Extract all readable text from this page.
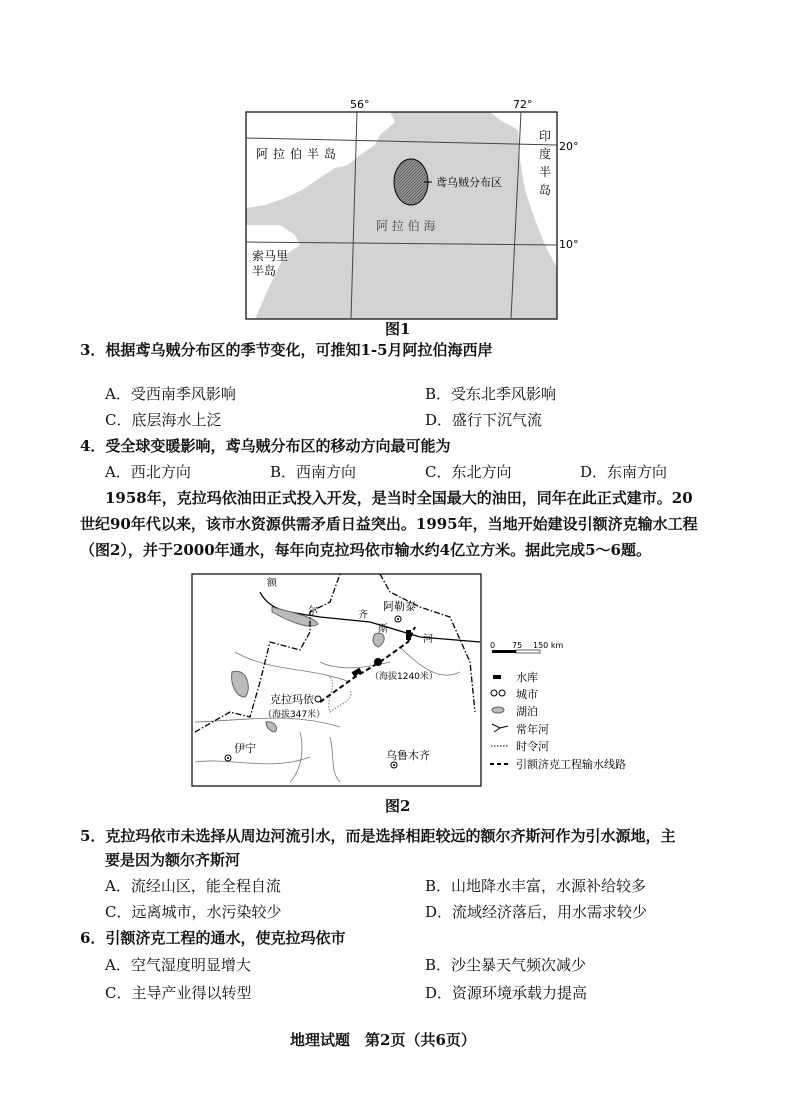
56°	72°
20°
10°
阿拉伯半岛
鸢乌贼分布区
阿 拉 伯 海
索马里
半岛
印
度
半
岛
图1
3．根据鸢乌贼分布区的季节变化，可推知1-5月阿拉伯海西岸
A．受西南季风影响	B．受东北季风影响
C．底层海水上泛	D．盛行下沉气流
4．受全球变暖影响，鸢乌贼分布区的移动方向最可能为
A．西北方向	B．西南方向	C．东北方向	D．东南方向
1958年，克拉玛依油田正式投入开发，是当时全国最大的油田，同年在此正式建市。20
世纪90年代以来，该市水资源供需矛盾日益突出。1995年，当地开始建设引额济克输水工程
（图2），并于2000年通水，每年向克拉玛依市输水约4亿立方米。据此完成5～6题。
额
尔	齐
斯
河
阿勒泰
（海拔1240米）
克拉玛依
（海拔347米）
伊宁
乌鲁木齐
0 75 150 km
水库
城市
湖泊
常年河
时令河
引额济克工程输水线路
图2
5．克拉玛依市未选择从周边河流引水，而是选择相距较远的额尔齐斯河作为引水源地，主
要是因为额尔齐斯河
A．流经山区，能全程自流	B．山地降水丰富，水源补给较多
C．远离城市，水污染较少	D．流域经济落后，用水需求较少
6．引额济克工程的通水，使克拉玛依市
A．空气湿度明显增大	B．沙尘暴天气频次减少
C．主导产业得以转型	D．资源环境承载力提高
地理试题　第2页（共6页）
